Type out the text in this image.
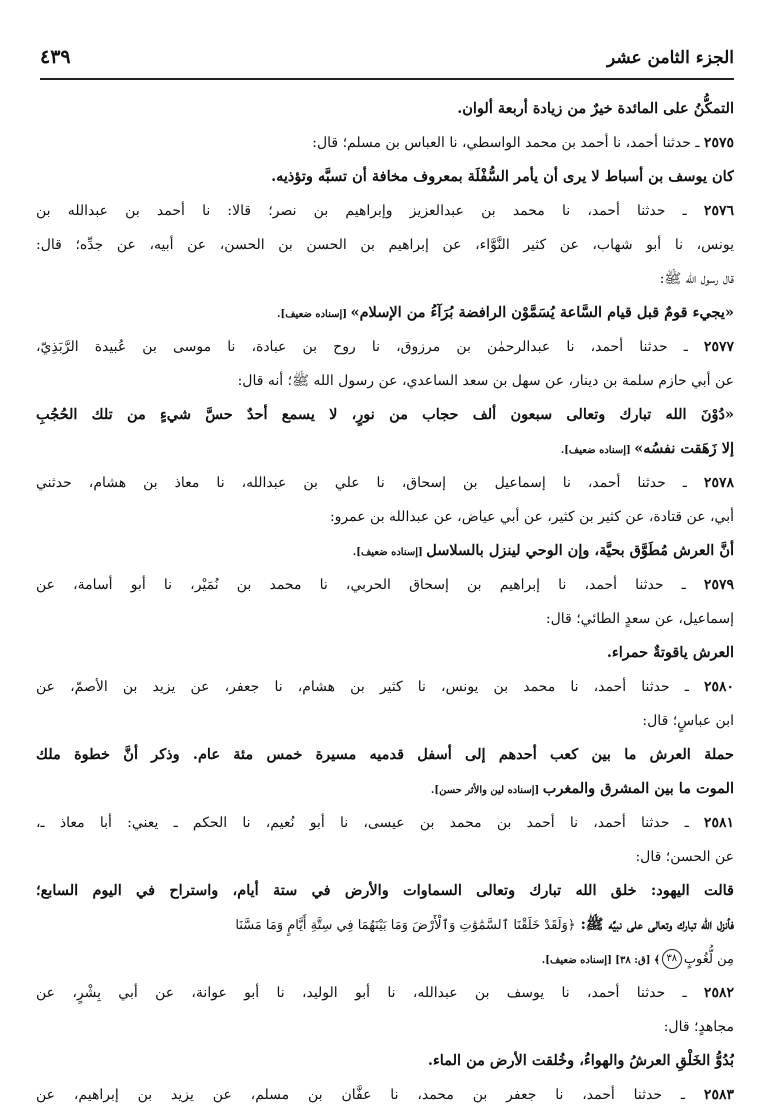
الجزء الثامن عشر
٤٣٩
التمكُّنُ على المائدة خيرٌ من زيادة أربعة ألوان.
٢٥٧٥ ـ حدثنا أحمد، نا أحمد بن محمد الواسطي، نا العباس بن مسلم؛ قال:
كان يوسف بن أسباط لا يرى أن يأمر السُّفْلَة بمعروف مخافة أن تسبَّه وتؤذيه.
٢٥٧٦ ـ حدثنا أحمد، نا محمد بن عبدالعزيز وإبراهيم بن نصر؛ قالا: نا أحمد بن عبدالله بن
يونس، نا أبو شهاب، عن كثير النَّوَّاء، عن إبراهيم بن الحسن بن الحسن، عن أبيه، عن جدِّه؛ قال:
قال رسول الله ﷺ:
«يجيء قومٌ قبل قيام السَّاعة يُسَمَّوْن الرافضة بُرَآءُ من الإسلام» [إسناده ضعيف].
٢٥٧٧ ـ حدثنا أحمد، نا عبدالرحمٰن بن مرزوق، نا روح بن عبادة، نا موسى بن عُبيدة الرَّبَذِيّ،
عن أبي حازم سلمة بن دينار، عن سهل بن سعد الساعدي، عن رسول الله ﷺ؛ أنه قال:
«دُوْنَ الله تبارك وتعالى سبعون ألف حجاب من نورٍ، لا يسمع أحدٌ حسَّ شيءٍ من تلك الحُجُبِ
إلا زَهَقت نفسُه» [إسناده ضعيف].
٢٥٧٨ ـ حدثنا أحمد، نا إسماعيل بن إسحاق، نا علي بن عبدالله، نا معاذ بن هشام، حدثني
أبي، عن قتادة، عن كثير بن كثير، عن أبي عياض، عن عبدالله بن عمرو:
أنَّ العرش مُطَوَّق بحيَّة، وإن الوحي لينزل بالسلاسل [إسناده ضعيف].
٢٥٧٩ ـ حدثنا أحمد، نا إبراهيم بن إسحاق الحربي، نا محمد بن نُمَيْر، نا أبو أسامة، عن
إسماعيل، عن سعدٍ الطائي؛ قال:
العرش ياقوتةٌ حمراء.
٢٥٨٠ ـ حدثنا أحمد، نا محمد بن يونس، نا كثير بن هشام، نا جعفر، عن يزيد بن الأصمّ، عن
ابن عباسٍ؛ قال:
حملة العرش ما بين كعب أحدهم إلى أسفل قدميه مسيرة خمس مئة عام. وذكر أنَّ خطوة ملك
الموت ما بين المشرق والمغرب [إسناده لين والأثر حسن].
٢٥٨١ ـ حدثنا أحمد، نا أحمد بن محمد بن عيسى، نا أبو نُعيم، نا الحكم ـ يعني: أبا معاذ ـ،
عن الحسن؛ قال:
قالت اليهود: خلق الله تبارك وتعالى السماوات والأرض في ستة أيام، واستراح في اليوم السابع؛
فأنزل الله تبارك وتعالى على نبيِّه ﷺ: ﴿وَلَقَدْ خَلَقْنَا ٱلسَّمَٰوَٰتِ وَٱلْأَرْضَ وَمَا بَيْنَهُمَا فِي سِتَّةِ أَيَّامٍ وَمَا مَسَّنَا
مِن لُّغُوبٍ٣٨﴾ [ق: ٣٨] [إسناده ضعيف].
٢٥٨٢ ـ حدثنا أحمد، نا يوسف بن عبدالله، نا أبو الوليد، نا أبو عوانة، عن أبي بِشْرٍ، عن
مجاهدٍ؛ قال:
بُدُوُّ الخَلْقِ العرشُ والهواءُ، وخُلقت الأرض من الماء.
٢٥٨٣ ـ حدثنا أحمد، نا جعفر بن محمد، نا عفَّان بن مسلم، عن يزيد بن إبراهيم، عن
